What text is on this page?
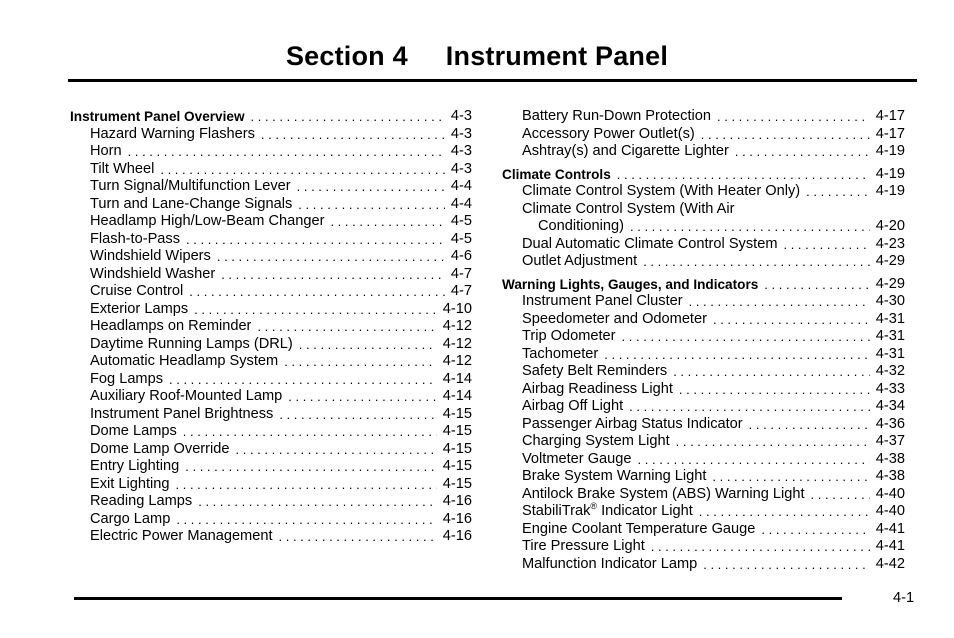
Section 4 Instrument Panel
Instrument Panel Overview . . .	4-3
Hazard Warning Flashers . . .	4-3
Horn . . .	4-3
Tilt Wheel . . .	4-3
Turn Signal/Multifunction Lever . . .	4-4
Turn and Lane-Change Signals . . .	4-4
Headlamp High/Low-Beam Changer . . .	4-5
Flash-to-Pass . . .	4-5
Windshield Wipers . . .	4-6
Windshield Washer . . .	4-7
Cruise Control . . .	4-7
Exterior Lamps . . .	4-10
Headlamps on Reminder . . .	4-12
Daytime Running Lamps (DRL) . . .	4-12
Automatic Headlamp System . . .	4-12
Fog Lamps . . .	4-14
Auxiliary Roof-Mounted Lamp . . .	4-14
Instrument Panel Brightness . . .	4-15
Dome Lamps . . .	4-15
Dome Lamp Override . . .	4-15
Entry Lighting . . .	4-15
Exit Lighting . . .	4-15
Reading Lamps . . .	4-16
Cargo Lamp . . .	4-16
Electric Power Management . . .	4-16
Battery Run-Down Protection . . .	4-17
Accessory Power Outlet(s) . . .	4-17
Ashtray(s) and Cigarette Lighter . . .	4-19
Climate Controls . . .	4-19
Climate Control System (With Heater Only) . . .	4-19
Climate Control System (With Air
Conditioning) . . .	4-20
Dual Automatic Climate Control System . . .	4-23
Outlet Adjustment . . .	4-29
Warning Lights, Gauges, and Indicators . . .	4-29
Instrument Panel Cluster . . .	4-30
Speedometer and Odometer . . .	4-31
Trip Odometer . . .	4-31
Tachometer . . .	4-31
Safety Belt Reminders . . .	4-32
Airbag Readiness Light . . .	4-33
Airbag Off Light . . .	4-34
Passenger Airbag Status Indicator . . .	4-36
Charging System Light . . .	4-37
Voltmeter Gauge . . .	4-38
Brake System Warning Light . . .	4-38
Antilock Brake System (ABS) Warning Light . . .	4-40
StabiliTrak® Indicator Light . . .	4-40
Engine Coolant Temperature Gauge . . .	4-41
Tire Pressure Light . . .	4-41
Malfunction Indicator Lamp . . .	4-42
4-1
